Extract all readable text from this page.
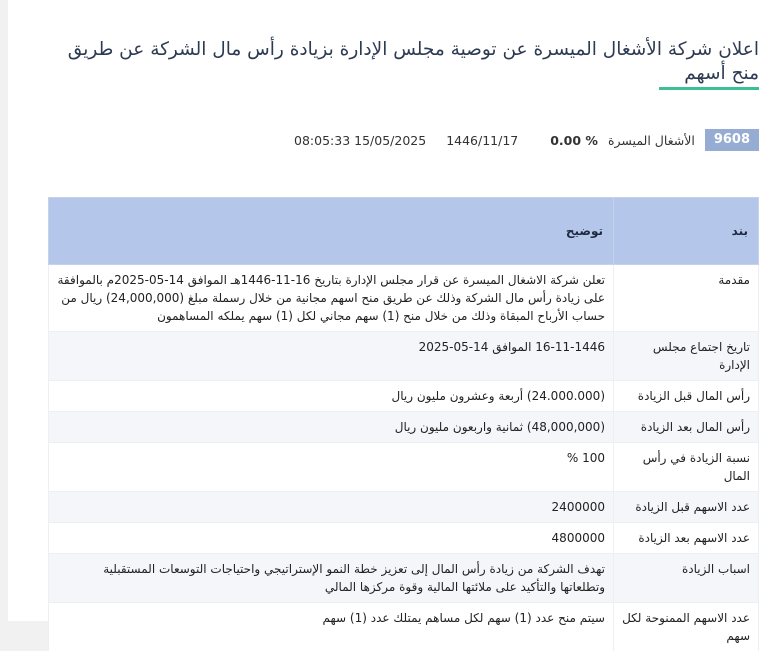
اعلان شركة الأشغال الميسرة عن توصية مجلس الإدارة بزيادة رأس مال الشركة عن طريق منح أسهم
9608
الأشغال الميسرة
0.00 %
1446/11/17
08:05:33 15/05/2025
بند	توضيح
مقدمة	تعلن شركة الاشغال الميسرة عن قرار مجلس الإدارة بتاريخ 16-11-1446هـ الموافق 14-05-2025م بالموافقة على زيادة رأس مال الشركة وذلك عن طريق منح اسهم مجانية من خلال رسملة مبلغ (24,000,000) ريال من حساب الأرباح المبقاة وذلك من خلال منح (1) سهم مجاني لكل (1) سهم يملكه المساهمون
تاريخ اجتماع مجلس الإدارة	16-11-1446 الموافق 14-05-2025
رأس المال قبل الزيادة	(24.000.000) أربعة وعشرون مليون ريال
رأس المال بعد الزيادة	(48,000,000) ثمانية واربعون مليون ريال
نسبة الزيادة في رأس المال	100 %
عدد الاسهم قبل الزيادة	2400000
عدد الاسهم بعد الزيادة	4800000
اسباب الزيادة	تهدف الشركة من زيادة رأس المال إلى تعزيز خطة النمو الإستراتيجي واحتياجات التوسعات المستقبلية وتطلعاتها والتأكيد على ملائتها المالية وقوة مركزها المالي
عدد الاسهم الممنوحة لكل سهم	سيتم منح عدد (1) سهم لكل مساهم يمتلك عدد (1) سهم
